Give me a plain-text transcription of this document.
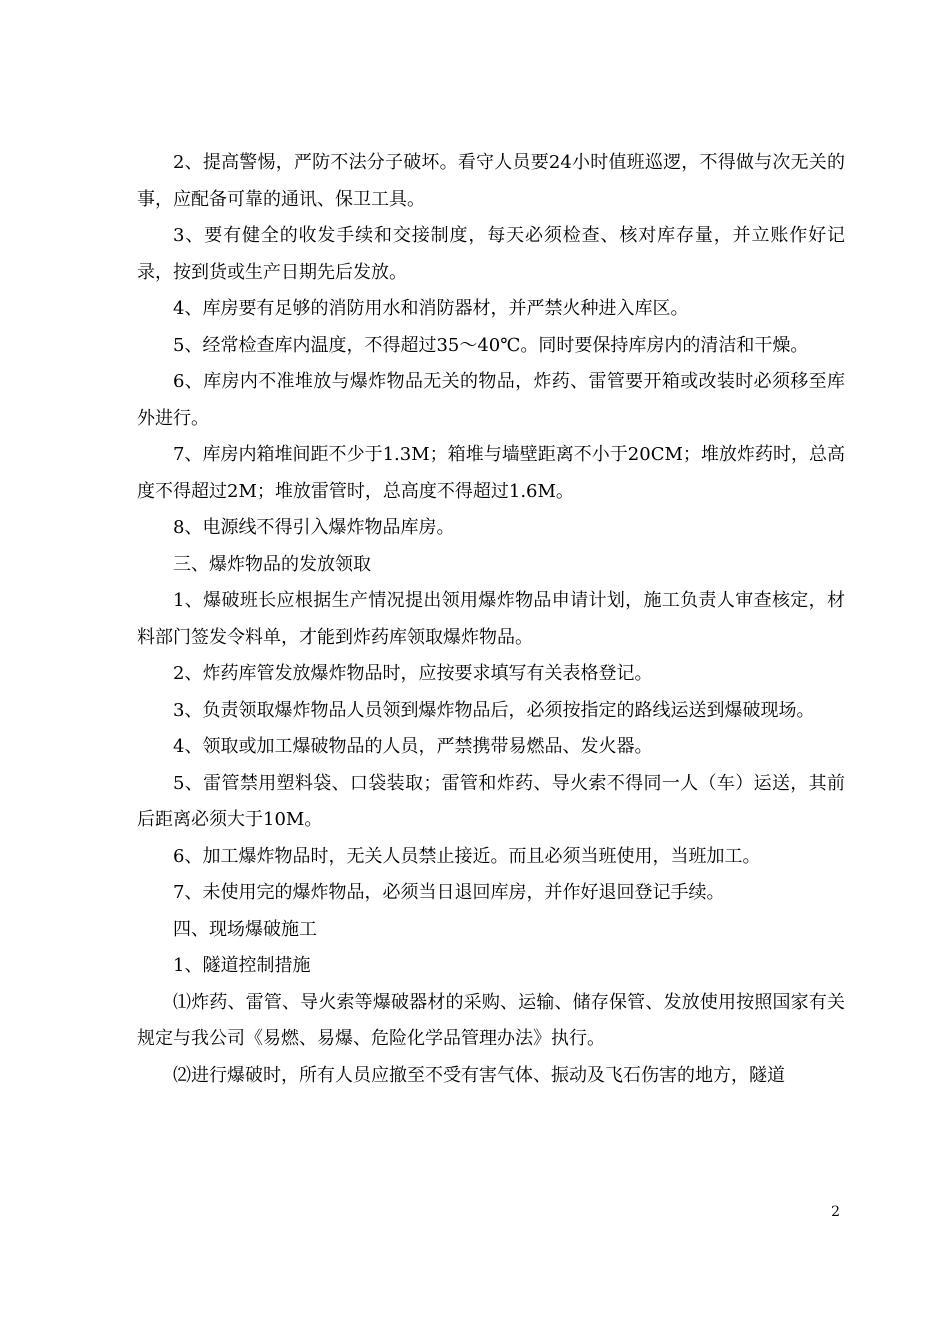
2、提高警惕，严防不法分子破坏。看守人员要24小时值班巡逻，不得做与次无关的事，应配备可靠的通讯、保卫工具。

3、要有健全的收发手续和交接制度，每天必须检查、核对库存量，并立账作好记录，按到货或生产日期先后发放。

4、库房要有足够的消防用水和消防器材，并严禁火种进入库区。

5、经常检查库内温度，不得超过35～40℃。同时要保持库房内的清洁和干燥。

6、库房内不准堆放与爆炸物品无关的物品，炸药、雷管要开箱或改装时必须移至库外进行。

7、库房内箱堆间距不少于1.3M；箱堆与墙壁距离不小于20CM；堆放炸药时，总高度不得超过2M；堆放雷管时，总高度不得超过1.6M。

8、电源线不得引入爆炸物品库房。

三、爆炸物品的发放领取

1、爆破班长应根据生产情况提出领用爆炸物品申请计划，施工负责人审查核定，材料部门签发令料单，才能到炸药库领取爆炸物品。

2、炸药库管发放爆炸物品时，应按要求填写有关表格登记。

3、负责领取爆炸物品人员领到爆炸物品后，必须按指定的路线运送到爆破现场。

4、领取或加工爆破物品的人员，严禁携带易燃品、发火器。

5、雷管禁用塑料袋、口袋装取；雷管和炸药、导火索不得同一人（车）运送，其前后距离必须大于10M。

6、加工爆炸物品时，无关人员禁止接近。而且必须当班使用，当班加工。

7、未使用完的爆炸物品，必须当日退回库房，并作好退回登记手续。

四、现场爆破施工

1、隧道控制措施

⑴炸药、雷管、导火索等爆破器材的采购、运输、储存保管、发放使用按照国家有关规定与我公司《易燃、易爆、危险化学品管理办法》执行。

⑵进行爆破时，所有人员应撤至不受有害气体、振动及飞石伤害的地方，隧道

2
